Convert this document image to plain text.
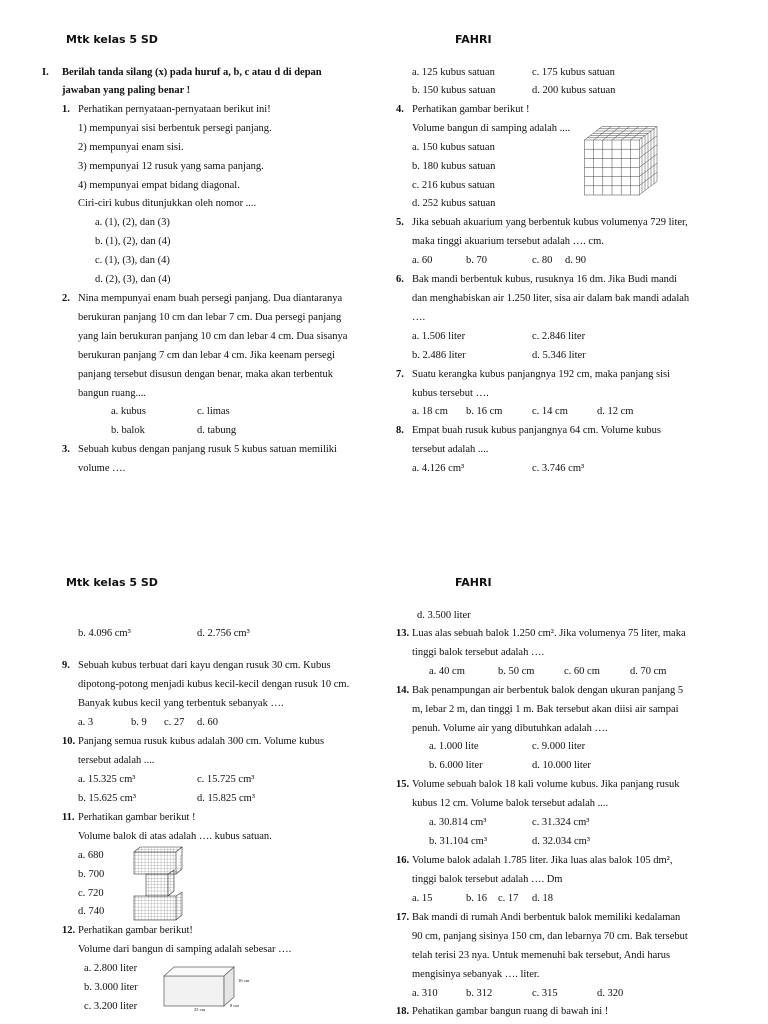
Mtk kelas 5 SD	FAHRI
I. Berilah tanda silang (x) pada huruf a, b, c atau d di depan
jawaban yang paling benar !
1. Perhatikan pernyataan-pernyataan berikut ini!
1) mempunyai sisi berbentuk persegi panjang.
2) mempunyai enam sisi.
3) mempunyai 12 rusuk yang sama panjang.
4) mempunyai empat bidang diagonal.
Ciri-ciri kubus ditunjukkan oleh nomor ....
a. (1), (2), dan (3)
b. (1), (2), dan (4)
c. (1), (3), dan (4)
d. (2), (3), dan (4)
2. Nina mempunyai enam buah persegi panjang. Dua diantaranya
berukuran panjang 10 cm dan lebar 7 cm. Dua persegi panjang
yang lain berukuran panjang 10 cm dan lebar 4 cm. Dua sisanya
berukuran panjang 7 cm dan lebar 4 cm. Jika keenam persegi
panjang tersebut disusun dengan benar, maka akan terbentuk
bangun ruang....
a. kubus	c. limas
b. balok	d. tabung
3. Sebuah kubus dengan panjang rusuk 5 kubus satuan memiliki
volume ….
a. 125 kubus satuan	c. 175 kubus satuan
b. 150 kubus satuan	d. 200 kubus satuan
4. Perhatikan gambar berikut !
Volume bangun di samping adalah ....
a. 150 kubus satuan
b. 180 kubus satuan
c. 216 kubus satuan
d. 252 kubus satuan
5. Jika sebuah akuarium yang berbentuk kubus volumenya 729 liter,
maka tinggi akuarium tersebut adalah …. cm.
a. 60	b. 70	c. 80 d. 90
6. Bak mandi berbentuk kubus, rusuknya 16 dm. Jika Budi mandi
dan menghabiskan air 1.250 liter, sisa air dalam bak mandi adalah
….
a. 1.506 liter	c. 2.846 liter
b. 2.486 liter	d. 5.346 liter
7. Suatu kerangka kubus panjangnya 192 cm, maka panjang sisi
kubus tersebut ….
a. 18 cm b. 16 cm	c. 14 cm	d. 12 cm
8. Empat buah rusuk kubus panjangnya 64 cm. Volume kubus
tersebut adalah ....
a. 4.126 cm³	c. 3.746 cm³
Mtk kelas 5 SD	FAHRI
b. 4.096 cm³	d. 2.756 cm³
9. Sebuah kubus terbuat dari kayu dengan rusuk 30 cm. Kubus
dipotong-potong menjadi kubus kecil-kecil dengan rusuk 10 cm.
Banyak kubus kecil yang terbentuk sebanyak ….
a. 3	b. 9 c. 27 d. 60
10. Panjang semua rusuk kubus adalah 300 cm. Volume kubus
tersebut adalah ....
a. 15.325 cm³	c. 15.725 cm³
b. 15.625 cm³	d. 15.825 cm³
11. Perhatikan gambar berikut !
Volume balok di atas adalah …. kubus satuan.
a. 680
b. 700
c. 720
d. 740
12. Perhatikan gambar berikut!
Volume dari bangun di samping adalah sebesar ….
a. 2.800 liter
b. 3.000 liter
c. 3.200 liter
d. 3.500 liter
16 cm
8 cm
25 cm
13. Luas alas sebuah balok 1.250 cm². Jika volumenya 75 liter, maka
tinggi balok tersebut adalah ….
a. 40 cm	b. 50 cm	c. 60 cm	d. 70 cm
14. Bak penampungan air berbentuk balok dengan ukuran panjang 5
m, lebar 2 m, dan tinggi 1 m. Bak tersebut akan diisi air sampai
penuh. Volume air yang dibutuhkan adalah ….
a. 1.000 lite	c. 9.000 liter
b. 6.000 liter	d. 10.000 liter
15. Volume sebuah balok 18 kali volume kubus. Jika panjang rusuk
kubus 12 cm. Volume balok tersebut adalah ....
a. 30.814 cm³	c. 31.324 cm³
b. 31.104 cm³	d. 32.034 cm³
16. Volume balok adalah 1.785 liter. Jika luas alas balok 105 dm²,
tinggi balok tersebut adalah …. Dm
a. 15	b. 16 c. 17 d. 18
17. Bak mandi di rumah Andi berbentuk balok memiliki kedalaman
90 cm, panjang sisinya 150 cm, dan lebarnya 70 cm. Bak tersebut
telah terisi 23 nya. Untuk memenuhi bak tersebut, Andi harus
mengisinya sebanyak …. liter.
a. 310	b. 312	c. 315	d. 320
18. Pehatikan gambar bangun ruang di bawah ini !
